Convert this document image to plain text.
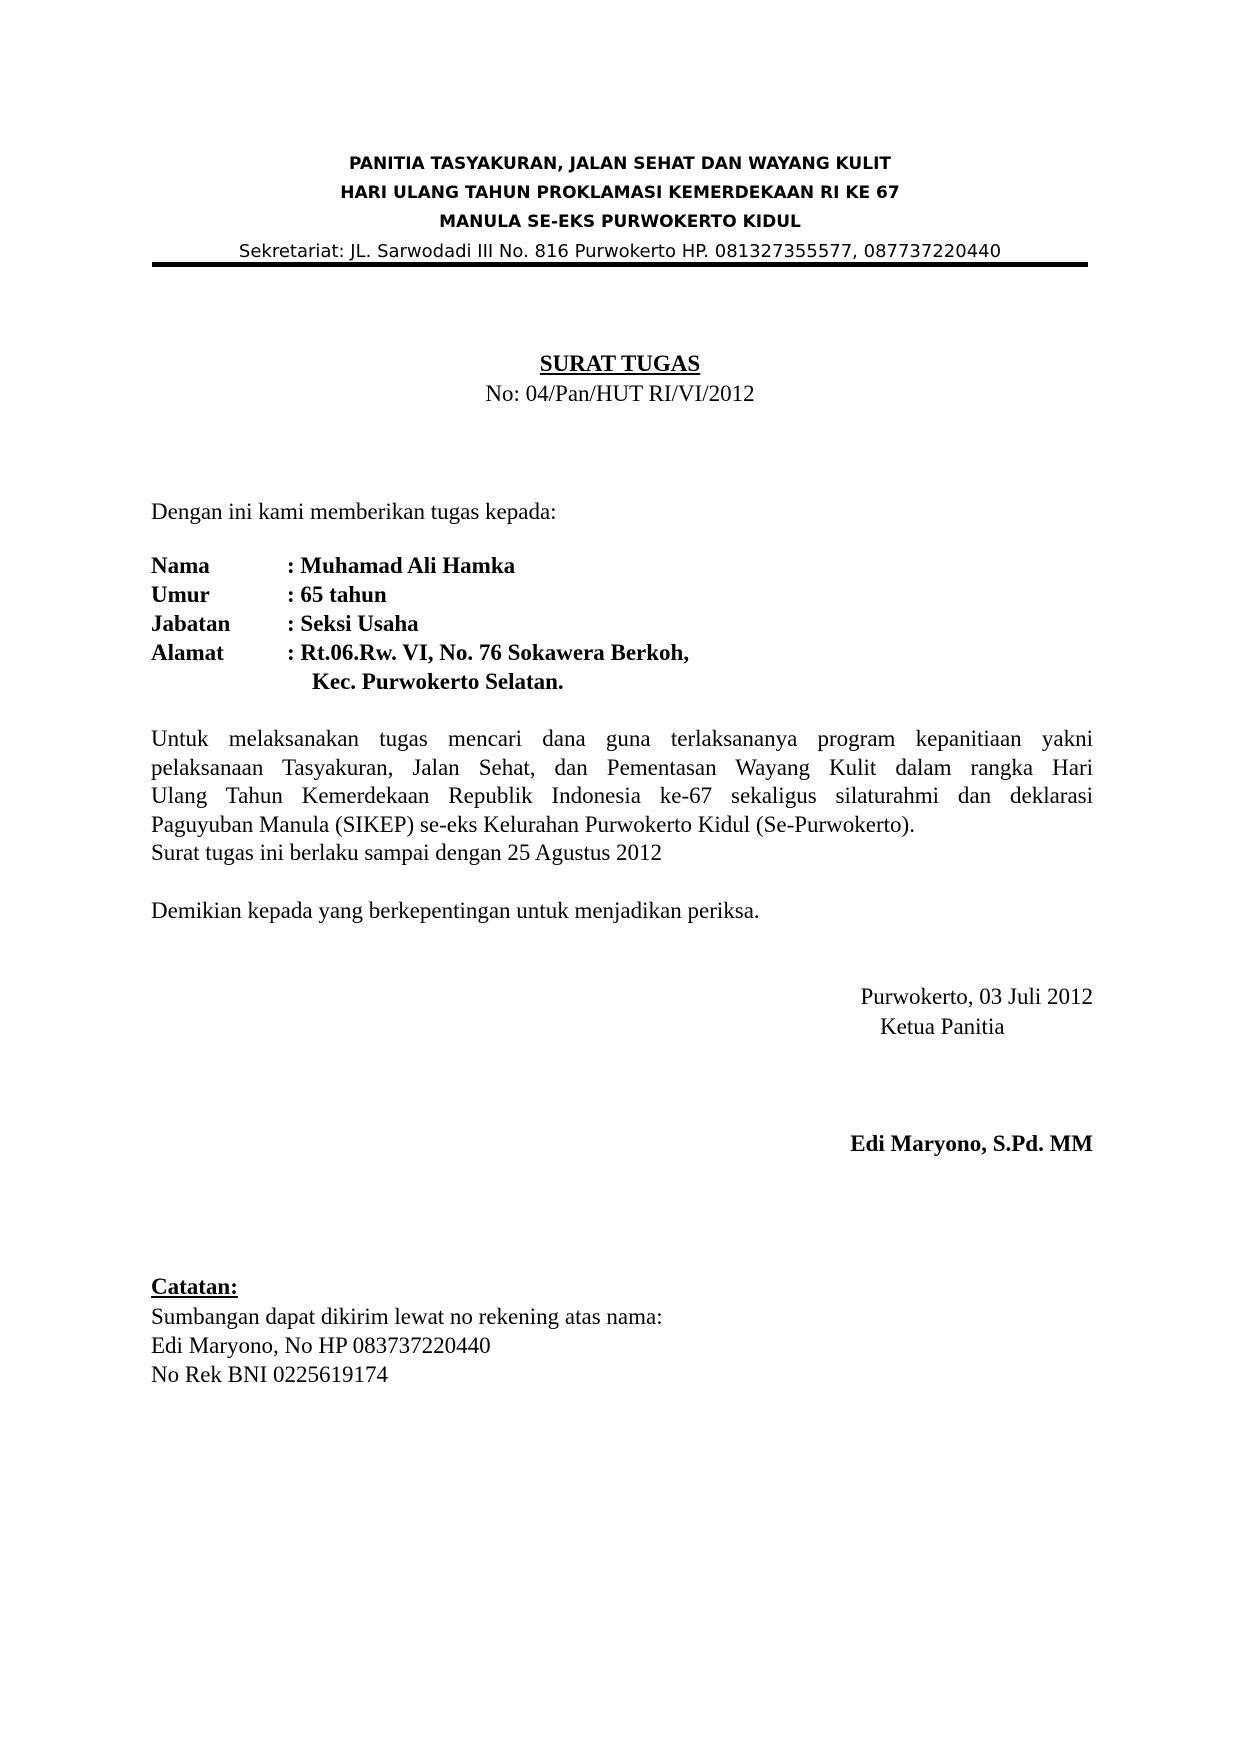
PANITIA TASYAKURAN, JALAN SEHAT DAN WAYANG KULIT
HARI ULANG TAHUN PROKLAMASI KEMERDEKAAN RI KE 67
MANULA SE-EKS PURWOKERTO KIDUL
Sekretariat: JL. Sarwodadi III No. 816 Purwokerto HP. 081327355577, 087737220440
SURAT TUGAS
No: 04/Pan/HUT RI/VI/2012
Dengan ini kami memberikan tugas kepada:
Nama	: Muhamad Ali Hamka
Umur	: 65 tahun
Jabatan	: Seksi Usaha
Alamat	: Rt.06.Rw. VI, No. 76 Sokawera Berkoh,
Kec. Purwokerto Selatan.
Untuk melaksanakan tugas mencari dana guna terlaksananya program kepanitiaan yakni
pelaksanaan Tasyakuran, Jalan Sehat, dan Pementasan Wayang Kulit dalam rangka Hari
Ulang Tahun Kemerdekaan Republik Indonesia ke-67 sekaligus silaturahmi dan deklarasi
Paguyuban Manula (SIKEP) se-eks Kelurahan Purwokerto Kidul (Se-Purwokerto).
Surat tugas ini berlaku sampai dengan 25 Agustus 2012
Demikian kepada yang berkepentingan untuk menjadikan periksa.
Purwokerto, 03 Juli 2012
Ketua Panitia
Edi Maryono, S.Pd. MM
Catatan:
Sumbangan dapat dikirim lewat no rekening atas nama:
Edi Maryono, No HP 083737220440
No Rek BNI 0225619174
